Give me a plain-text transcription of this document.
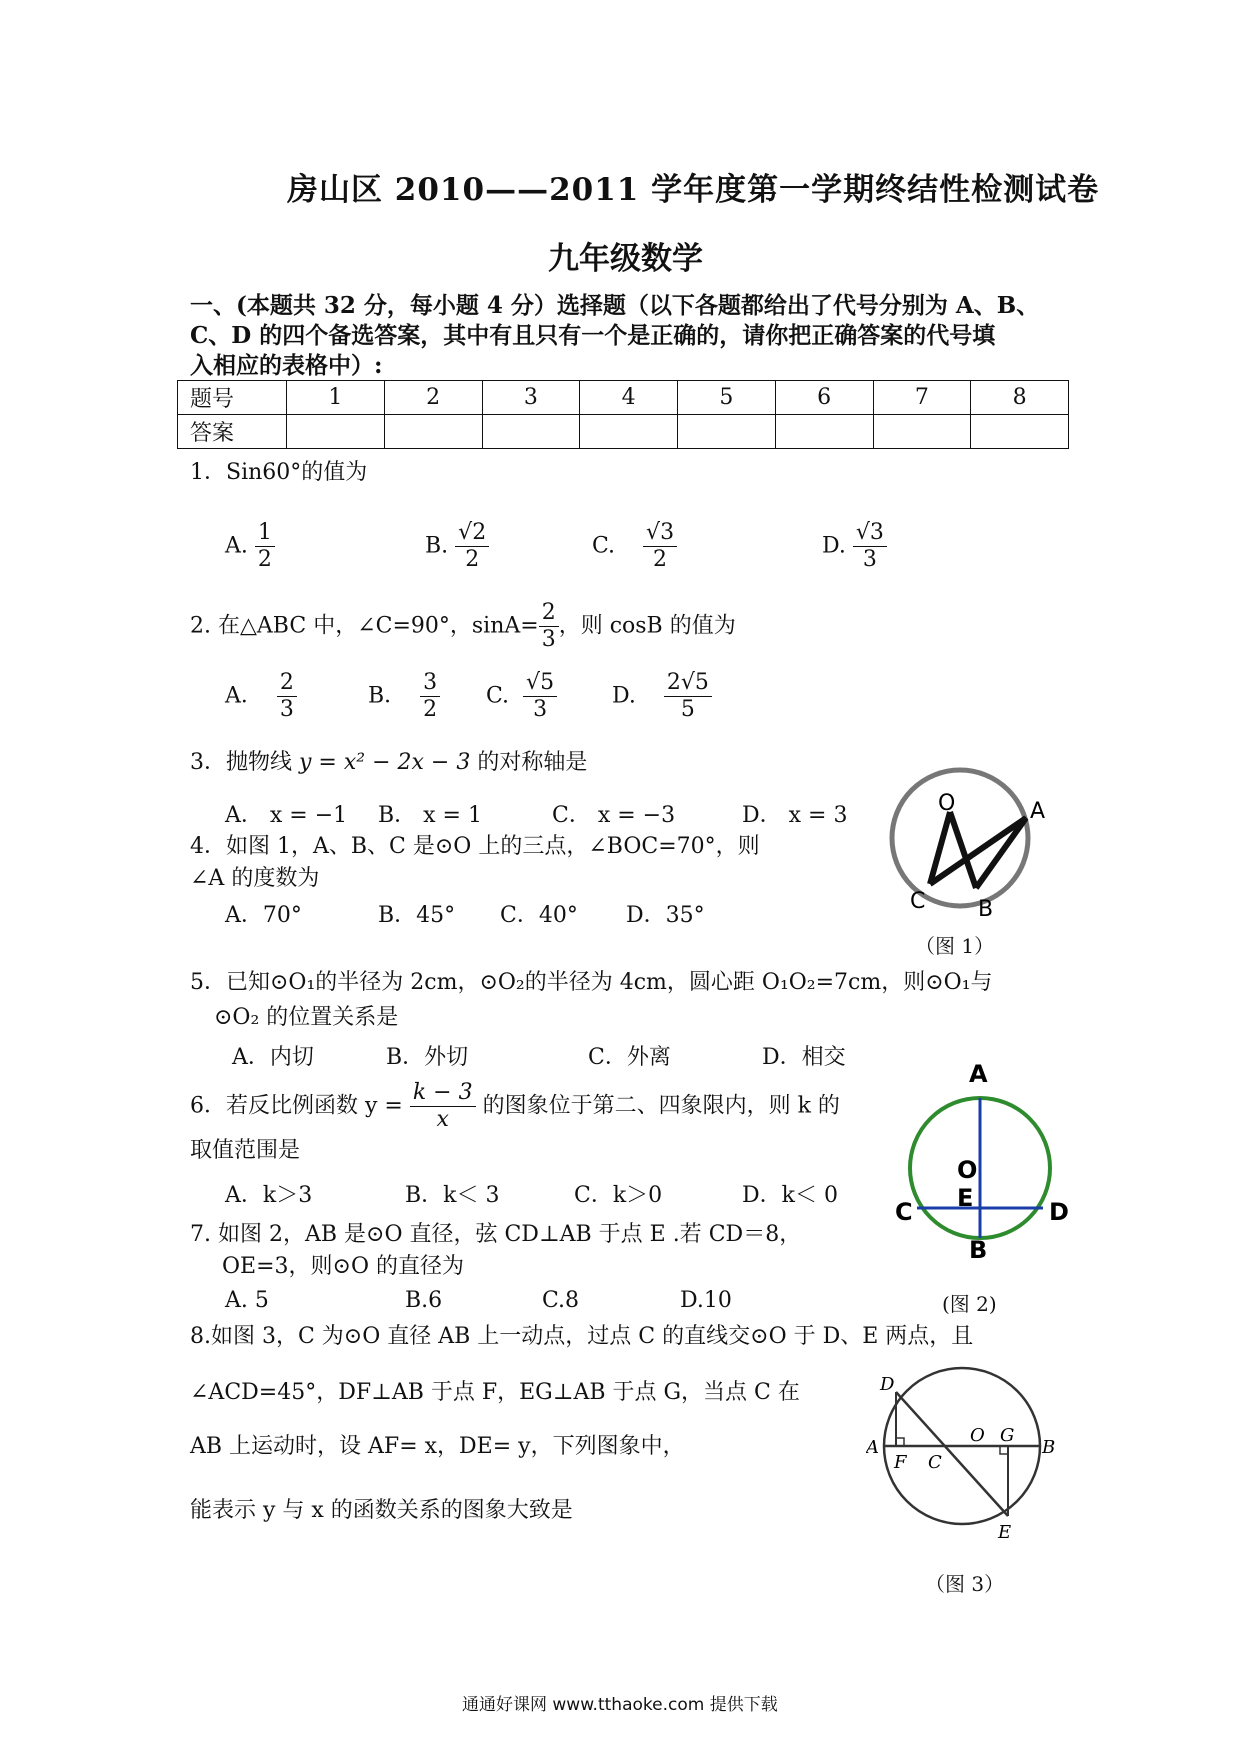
房山区 2010——2011 学年度第一学期终结性检测试卷
九年级数学
一、(本题共 32 分，每小题 4 分）选择题（以下各题都给出了代号分别为 A、B、
C、D 的四个备选答案，其中有且只有一个是正确的，请你把正确答案的代号填
入相应的表格中）:
题号	1	2	3	4	5	6	7	8
答案								
1．Sin60°的值为
A. $\frac{1}{2}$	B. $\frac{√2}{2}$	C. $\frac{√3}{2}$	D. $\frac{√3}{3}$
2. 在△ABC 中，∠C=90°，$\sin A= \frac{2}{3}$ ，则 cosB 的值为
A． $\frac{2}{3}$	B． $\frac{3}{2} C$. $\frac{√5}{3} D$. $\frac{2√5}{5}$
3．抛物线 y = x² − 2x − 3 的对称轴是
A． x = −1 B． x = 1	C． x = −3	D． x = 3
4．如图 1，A、B、C 是⊙O 上的三点，∠BOC=70°，则
∠A 的度数为
A．70°	B．45° C．40° D．35°
O	A
C B
（图 1）
5．已知⊙O₁的半径为 2cm，⊙O₂的半径为 4cm，圆心距 O₁O₂=7cm，则⊙O₁与
⊙O₂ 的位置关系是
A．内切	B．外切	C．外离	D．相交
6．若反比例函数 $y = \frac{k - 3}{x}$ 的图象位于第二、四象限内，则 k 的
取值范围是
A．k＞3	B．k＜ 3	C．k＞0	D．k＜ 0
A
O
E
C	D
B
7. 如图 2，AB 是⊙O 直径，弦 CD⊥AB 于点 E .若 CD＝8，
OE=3，则⊙O 的直径为
A. 5	B.6	C.8	D.10	(图 2)
8.如图 3，C 为⊙O 直径 AB 上一动点，过点 C 的直线交⊙O 于 D、E 两点，且
∠ACD=45°，DF⊥AB 于点 F，EG⊥AB 于点 G，当点 C 在
AB 上运动时，设 AF= x，DE= y，下列图象中，
能表示 y 与 x 的函数关系的图象大致是
D
A
F C
O G
B
E
（图 3）
通通好课网 www.tthaoke.com 提供下载
